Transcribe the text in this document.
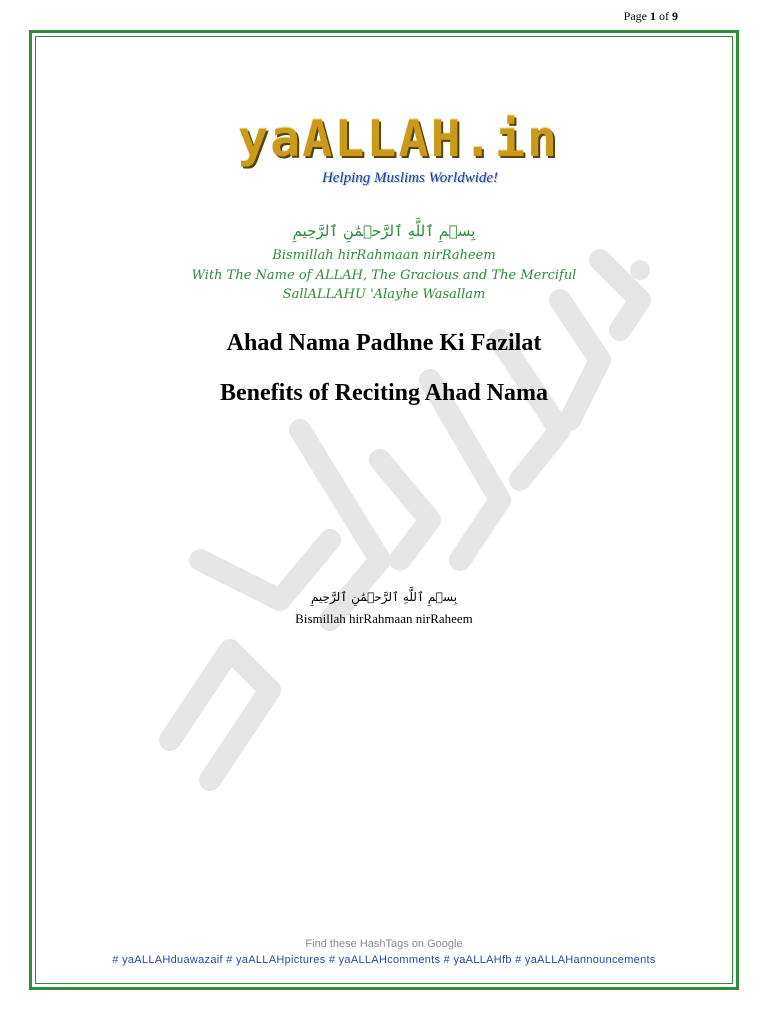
Page 1 of 9
yaALLAH.in
Helping Muslims Worldwide!
بِسۡمِ ٱللَّهِ ٱلرَّحۡمَٰنِ ٱلرَّحِيمِ
Bismillah hirRahmaan nirRaheem
With The Name of ALLAH, The Gracious and The Merciful
SallALLAHU 'Alayhe Wasallam
Ahad Nama Padhne Ki Fazilat
Benefits of Reciting Ahad Nama
بِسۡمِ ٱللَّهِ ٱلرَّحۡمَٰنِ ٱلرَّحِيمِ
Bismillah hirRahmaan nirRaheem
Find these HashTags on Google
# yaALLAHduawazaif # yaALLAHpictures # yaALLAHcomments # yaALLAHfb # yaALLAHannouncements
